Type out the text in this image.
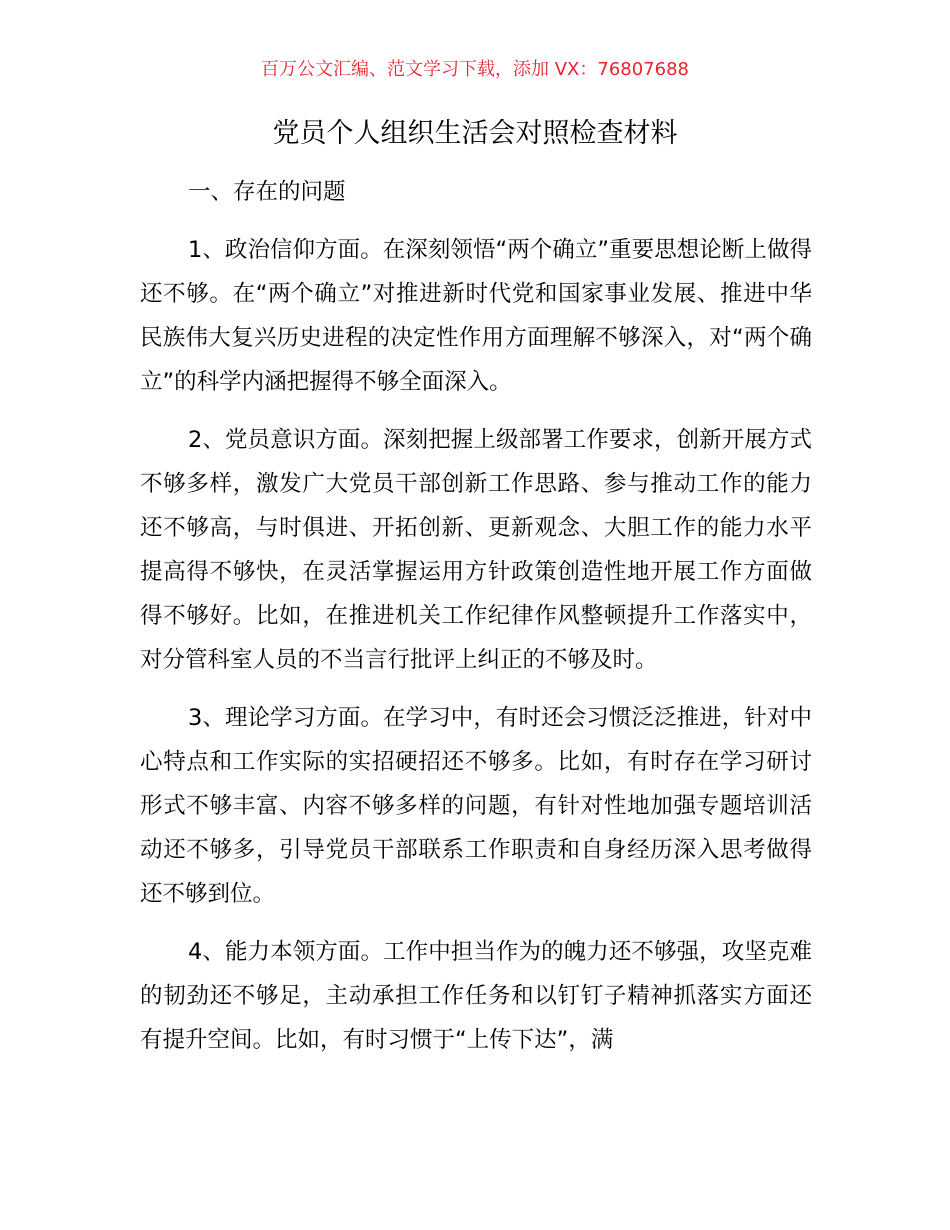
百万公文汇编、范文学习下载，添加 VX：76807688
党员个人组织生活会对照检查材料

一、存在的问题

1、政治信仰方面。在深刻领悟“两个确立”重要思想论断上做得还不够。在“两个确立”对推进新时代党和国家事业发展、推进中华民族伟大复兴历史进程的决定性作用方面理解不够深入，对“两个确立”的科学内涵把握得不够全面深入。

2、党员意识方面。深刻把握上级部署工作要求，创新开展方式不够多样，激发广大党员干部创新工作思路、参与推动工作的能力还不够高，与时俱进、开拓创新、更新观念、大胆工作的能力水平提高得不够快，在灵活掌握运用方针政策创造性地开展工作方面做得不够好。比如，在推进机关工作纪律作风整顿提升工作落实中，对分管科室人员的不当言行批评上纠正的不够及时。

3、理论学习方面。在学习中，有时还会习惯泛泛推进，针对中心特点和工作实际的实招硬招还不够多。比如，有时存在学习研讨形式不够丰富、内容不够多样的问题，有针对性地加强专题培训活动还不够多，引导党员干部联系工作职责和自身经历深入思考做得还不够到位。

4、能力本领方面。工作中担当作为的魄力还不够强，攻坚克难的韧劲还不够足，主动承担工作任务和以钉钉子精神抓落实方面还有提升空间。比如，有时习惯于“上传下达”，满
